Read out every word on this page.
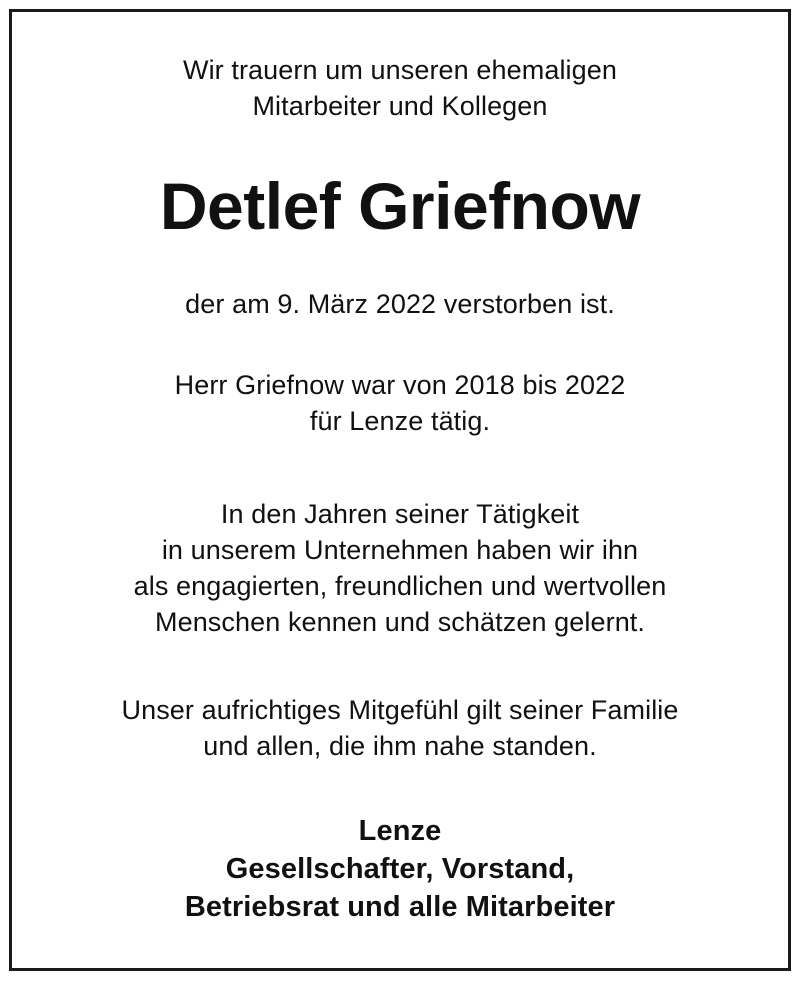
Wir trauern um unseren ehemaligen
Mitarbeiter und Kollegen
Detlef Griefnow
der am 9. März 2022 verstorben ist.
Herr Griefnow war von 2018 bis 2022
für Lenze tätig.
In den Jahren seiner Tätigkeit
in unserem Unternehmen haben wir ihn
als engagierten, freundlichen und wertvollen
Menschen kennen und schätzen gelernt.
Unser aufrichtiges Mitgefühl gilt seiner Familie
und allen, die ihm nahe standen.
Lenze
Gesellschafter, Vorstand,
Betriebsrat und alle Mitarbeiter
